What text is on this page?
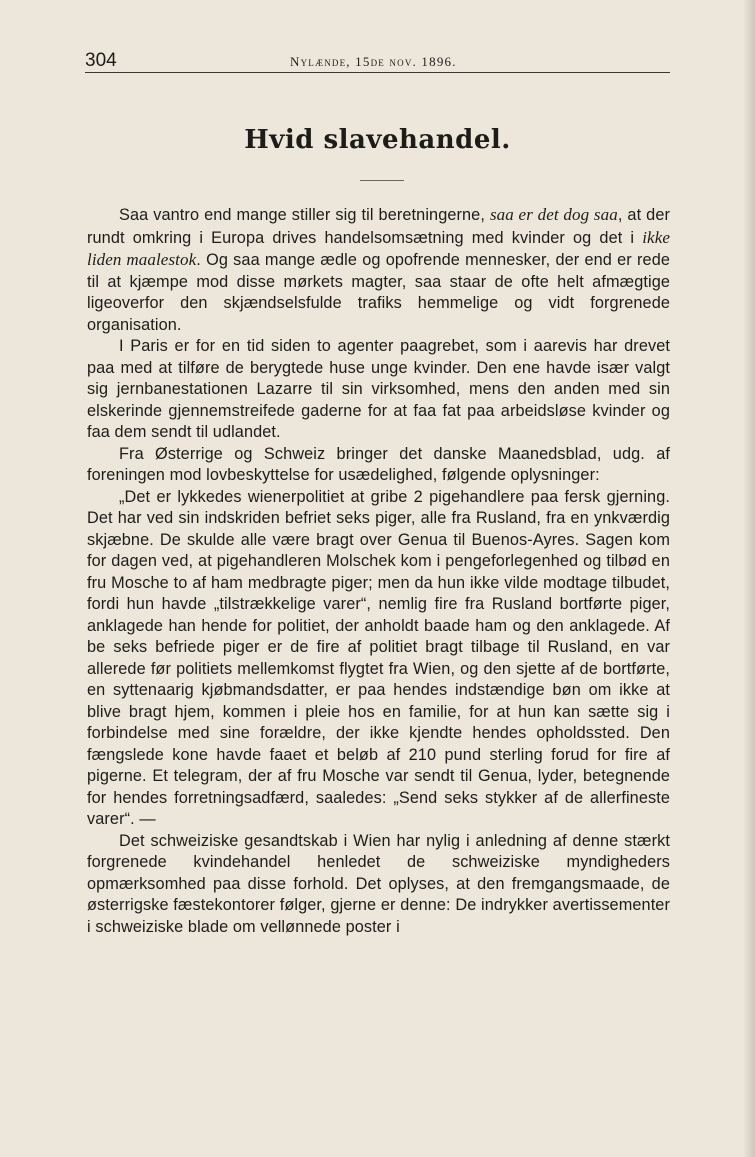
304	Nylænde, 15de nov. 1896.
Hvid slavehandel.

Saa vantro end mange stiller sig til beretningerne, saa er det dog saa, at der rundt omkring i Europa drives handelsomsætning med kvinder og det i ikke liden maalestok. Og saa mange ædle og opofrende mennesker, der end er rede til at kjæmpe mod disse mørkets magter, saa staar de ofte helt afmægtige ligeoverfor den skjændselsfulde trafiks hemmelige og vidt forgrenede organisation.

I Paris er for en tid siden to agenter paagrebet, som i aarevis har drevet paa med at tilføre de berygtede huse unge kvinder. Den ene havde især valgt sig jernbanestationen Lazarre til sin virksomhed, mens den anden med sin elskerinde gjennemstreifede gaderne for at faa fat paa arbeidsløse kvinder og faa dem sendt til udlandet.

Fra Østerrige og Schweiz bringer det danske Maanedsblad, udg. af foreningen mod lovbeskyttelse for usædelighed, følgende oplysninger:

„Det er lykkedes wienerpolitiet at gribe 2 pigehandlere paa fersk gjerning. Det har ved sin indskriden befriet seks piger, alle fra Rusland, fra en ynkværdig skjæbne. De skulde alle være bragt over Genua til Buenos-Ayres. Sagen kom for dagen ved, at pigehandleren Molschek kom i pengeforlegenhed og tilbød en fru Mosche to af ham medbragte piger; men da hun ikke vilde modtage tilbudet, fordi hun havde „tilstrækkelige varer“, nemlig fire fra Rusland bortførte piger, anklagede han hende for politiet, der anholdt baade ham og den anklagede. Af be seks befriede piger er de fire af politiet bragt tilbage til Rusland, en var allerede før politiets mellemkomst flygtet fra Wien, og den sjette af de bortførte, en syttenaarig kjøbmandsdatter, er paa hendes indstændige bøn om ikke at blive bragt hjem, kommen i pleie hos en familie, for at hun kan sætte sig i forbindelse med sine forældre, der ikke kjendte hendes opholdssted. Den fængslede kone havde faaet et beløb af 210 pund sterling forud for fire af pigerne. Et telegram, der af fru Mosche var sendt til Genua, lyder, betegnende for hendes forretningsadfærd, saaledes: „Send seks stykker af de allerfineste varer“. —

Det schweiziske gesandtskab i Wien har nylig i anledning af denne stærkt forgrenede kvindehandel henledet de schweiziske myndigheders opmærksomhed paa disse forhold. Det oplyses, at den fremgangsmaade, de østerrigske fæstekontorer følger, gjerne er denne: De indrykker avertissementer i schweiziske blade om vellønnede poster i
